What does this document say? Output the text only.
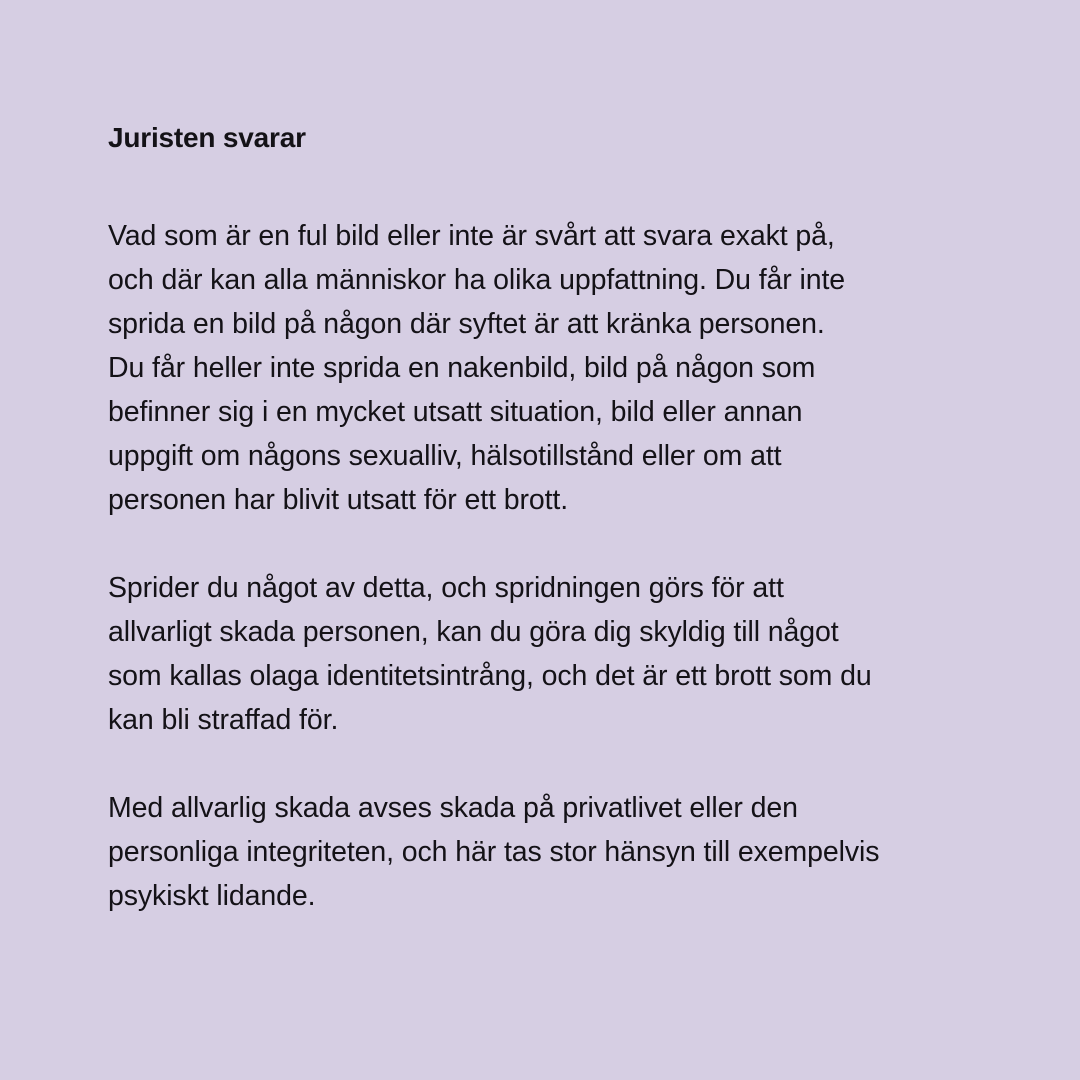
Juristen svarar

Vad som är en ful bild eller inte är svårt att svara exakt på,
och där kan alla människor ha olika uppfattning. Du får inte
sprida en bild på någon där syftet är att kränka personen.
Du får heller inte sprida en nakenbild, bild på någon som
befinner sig i en mycket utsatt situation, bild eller annan
uppgift om någons sexualliv, hälsotillstånd eller om att
personen har blivit utsatt för ett brott.

Sprider du något av detta, och spridningen görs för att
allvarligt skada personen, kan du göra dig skyldig till något
som kallas olaga identitetsintrång, och det är ett brott som du
kan bli straffad för.

Med allvarlig skada avses skada på privatlivet eller den
personliga integriteten, och här tas stor hänsyn till exempelvis
psykiskt lidande.
